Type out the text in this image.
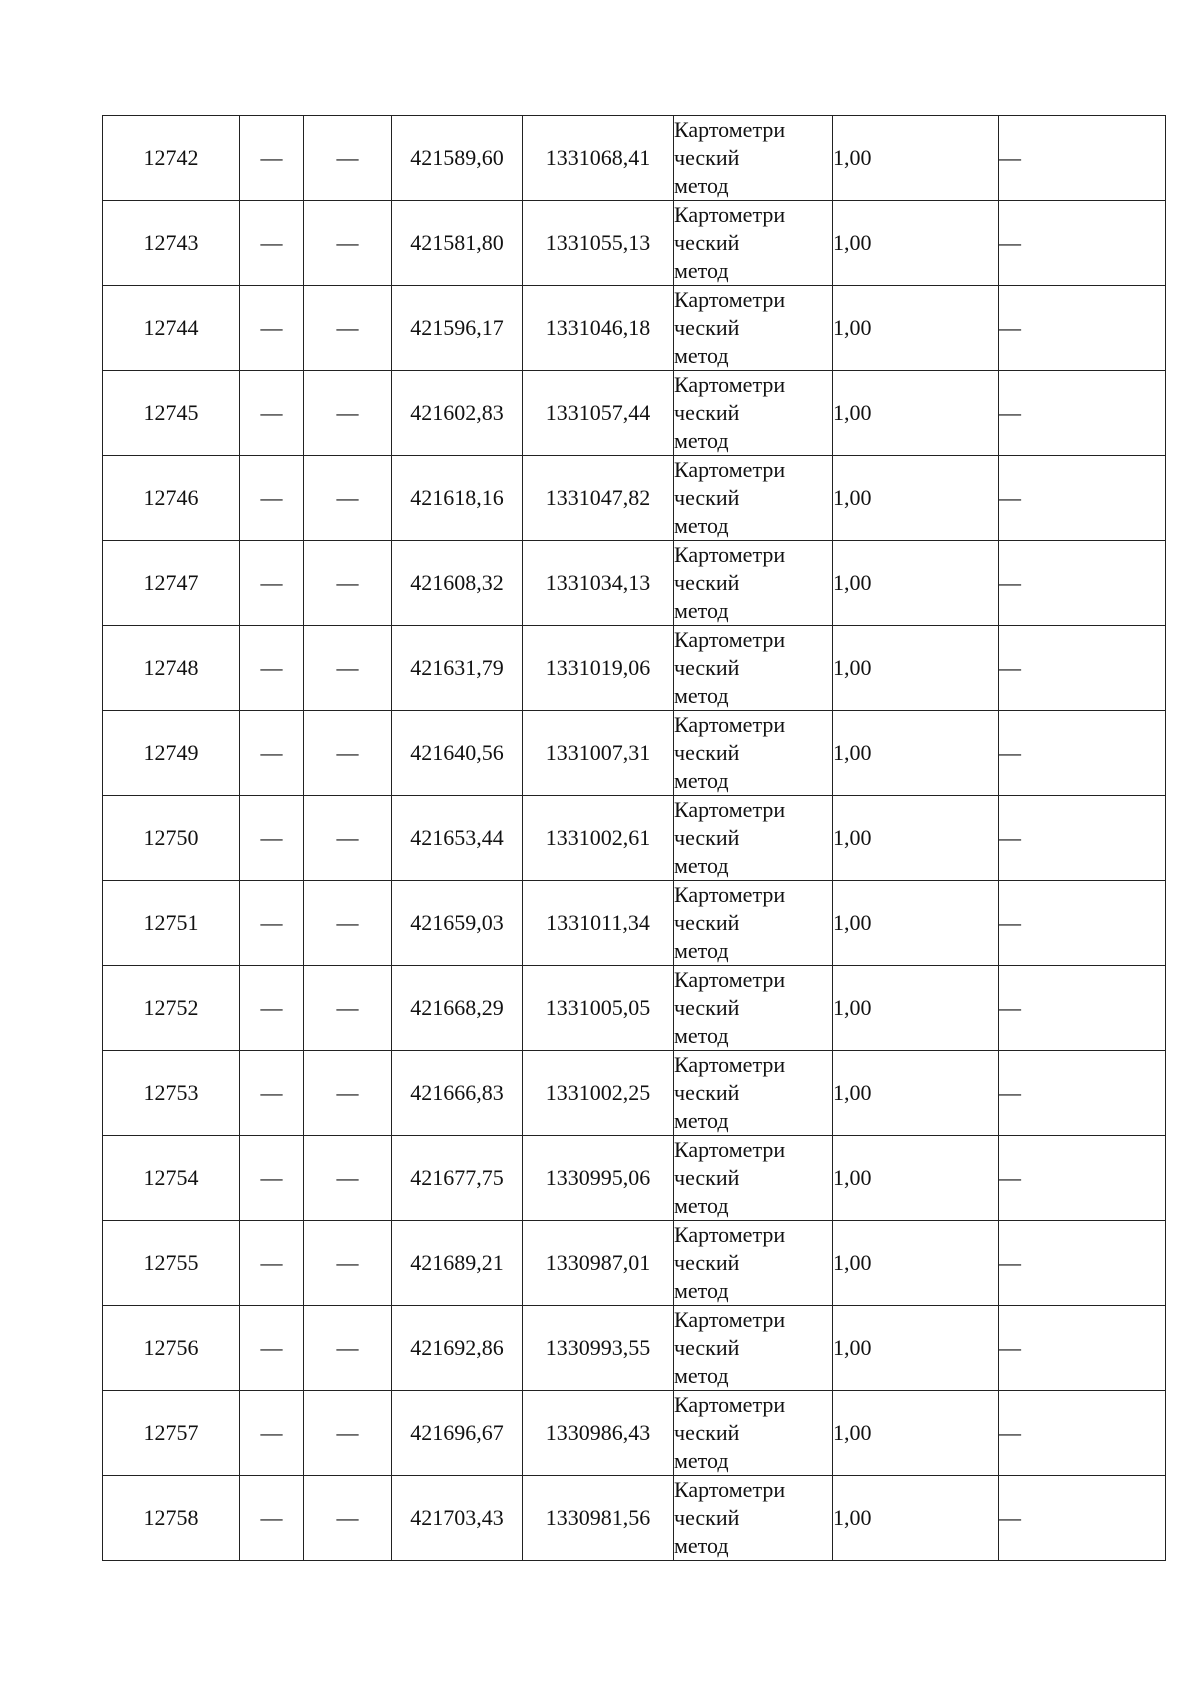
12742	—	—	421589,60	1331068,41	Картометри
ческий
метод	1,00	—
12743	—	—	421581,80	1331055,13	Картометри
ческий
метод	1,00	—
12744	—	—	421596,17	1331046,18	Картометри
ческий
метод	1,00	—
12745	—	—	421602,83	1331057,44	Картометри
ческий
метод	1,00	—
12746	—	—	421618,16	1331047,82	Картометри
ческий
метод	1,00	—
12747	—	—	421608,32	1331034,13	Картометри
ческий
метод	1,00	—
12748	—	—	421631,79	1331019,06	Картометри
ческий
метод	1,00	—
12749	—	—	421640,56	1331007,31	Картометри
ческий
метод	1,00	—
12750	—	—	421653,44	1331002,61	Картометри
ческий
метод	1,00	—
12751	—	—	421659,03	1331011,34	Картометри
ческий
метод	1,00	—
12752	—	—	421668,29	1331005,05	Картометри
ческий
метод	1,00	—
12753	—	—	421666,83	1331002,25	Картометри
ческий
метод	1,00	—
12754	—	—	421677,75	1330995,06	Картометри
ческий
метод	1,00	—
12755	—	—	421689,21	1330987,01	Картометри
ческий
метод	1,00	—
12756	—	—	421692,86	1330993,55	Картометри
ческий
метод	1,00	—
12757	—	—	421696,67	1330986,43	Картометри
ческий
метод	1,00	—
12758	—	—	421703,43	1330981,56	Картометри
ческий
метод	1,00	—
